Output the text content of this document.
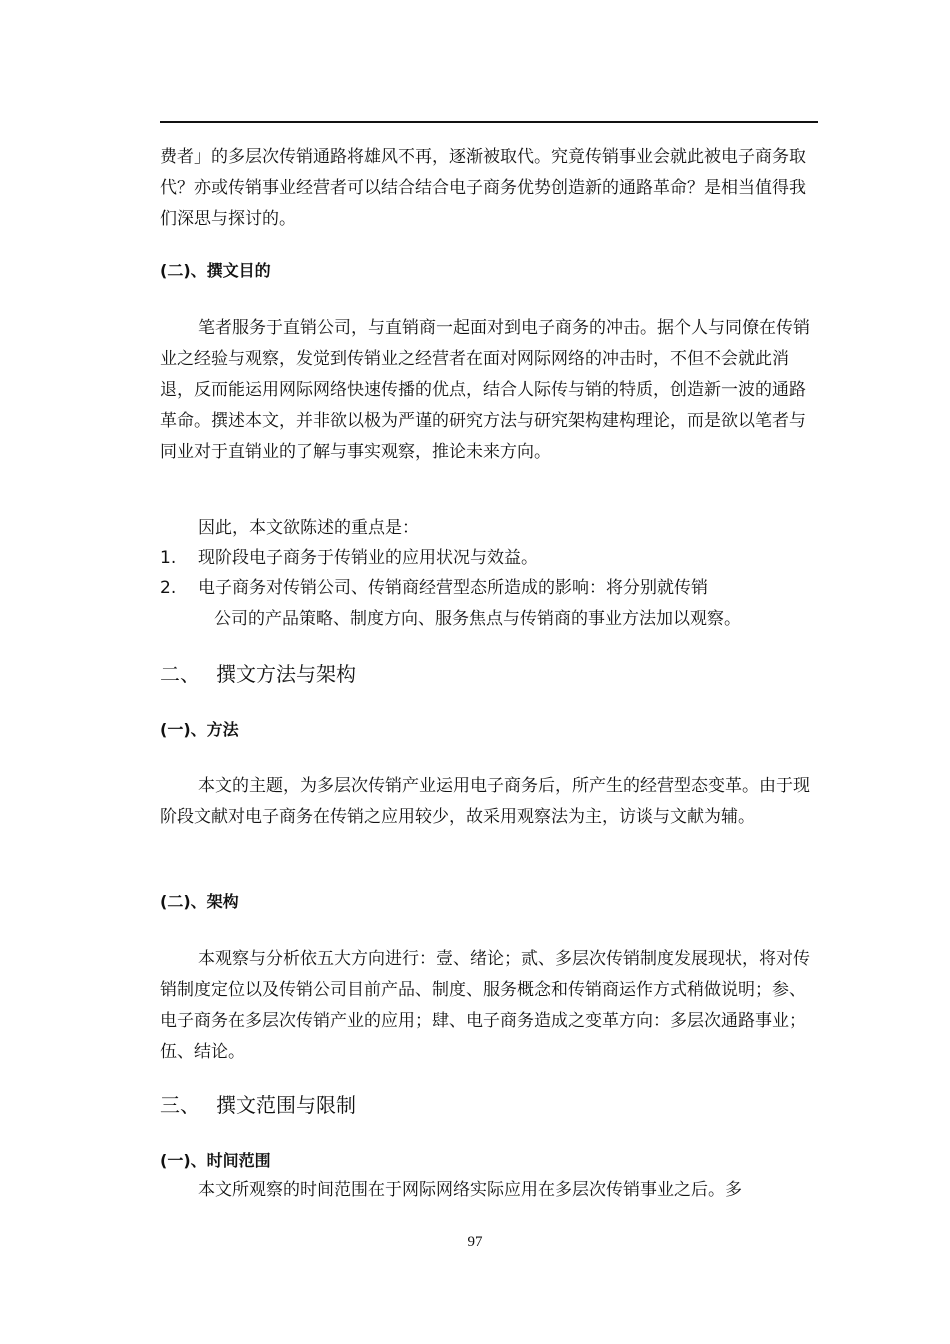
费者」的多层次传销通路将雄风不再，逐渐被取代。究竟传销事业会就此被电子商务取代？亦或传销事业经营者可以结合结合电子商务优势创造新的通路革命？是相当值得我们深思与探讨的。

(二)、撰文目的

笔者服务于直销公司，与直销商一起面对到电子商务的冲击。据个人与同僚在传销业之经验与观察，发觉到传销业之经营者在面对网际网络的冲击时，不但不会就此消退，反而能运用网际网络快速传播的优点，结合人际传与销的特质，创造新一波的通路革命。撰述本文，并非欲以极为严谨的研究方法与研究架构建构理论，而是欲以笔者与同业对于直销业的了解与事实观察，推论未来方向。

因此，本文欲陈述的重点是：

1. 现阶段电子商务于传销业的应用状况与效益。
2. 电子商务对传销公司、传销商经营型态所造成的影响：将分别就传销
公司的产品策略、制度方向、服务焦点与传销商的事业方法加以观察。
二、 撰文方法与架构
(一)、方法

本文的主题，为多层次传销产业运用电子商务后，所产生的经营型态变革。由于现阶段文献对电子商务在传销之应用较少，故采用观察法为主，访谈与文献为辅。

(二)、架构

本观察与分析依五大方向进行：壹、绪论；贰、多层次传销制度发展现状，将对传销制度定位以及传销公司目前产品、制度、服务概念和传销商运作方式稍做说明；参、电子商务在多层次传销产业的应用；肆、电子商务造成之变革方向：多层次通路事业；伍、结论。

三、 撰文范围与限制
(一)、时间范围

本文所观察的时间范围在于网际网络实际应用在多层次传销事业之后。多

97
